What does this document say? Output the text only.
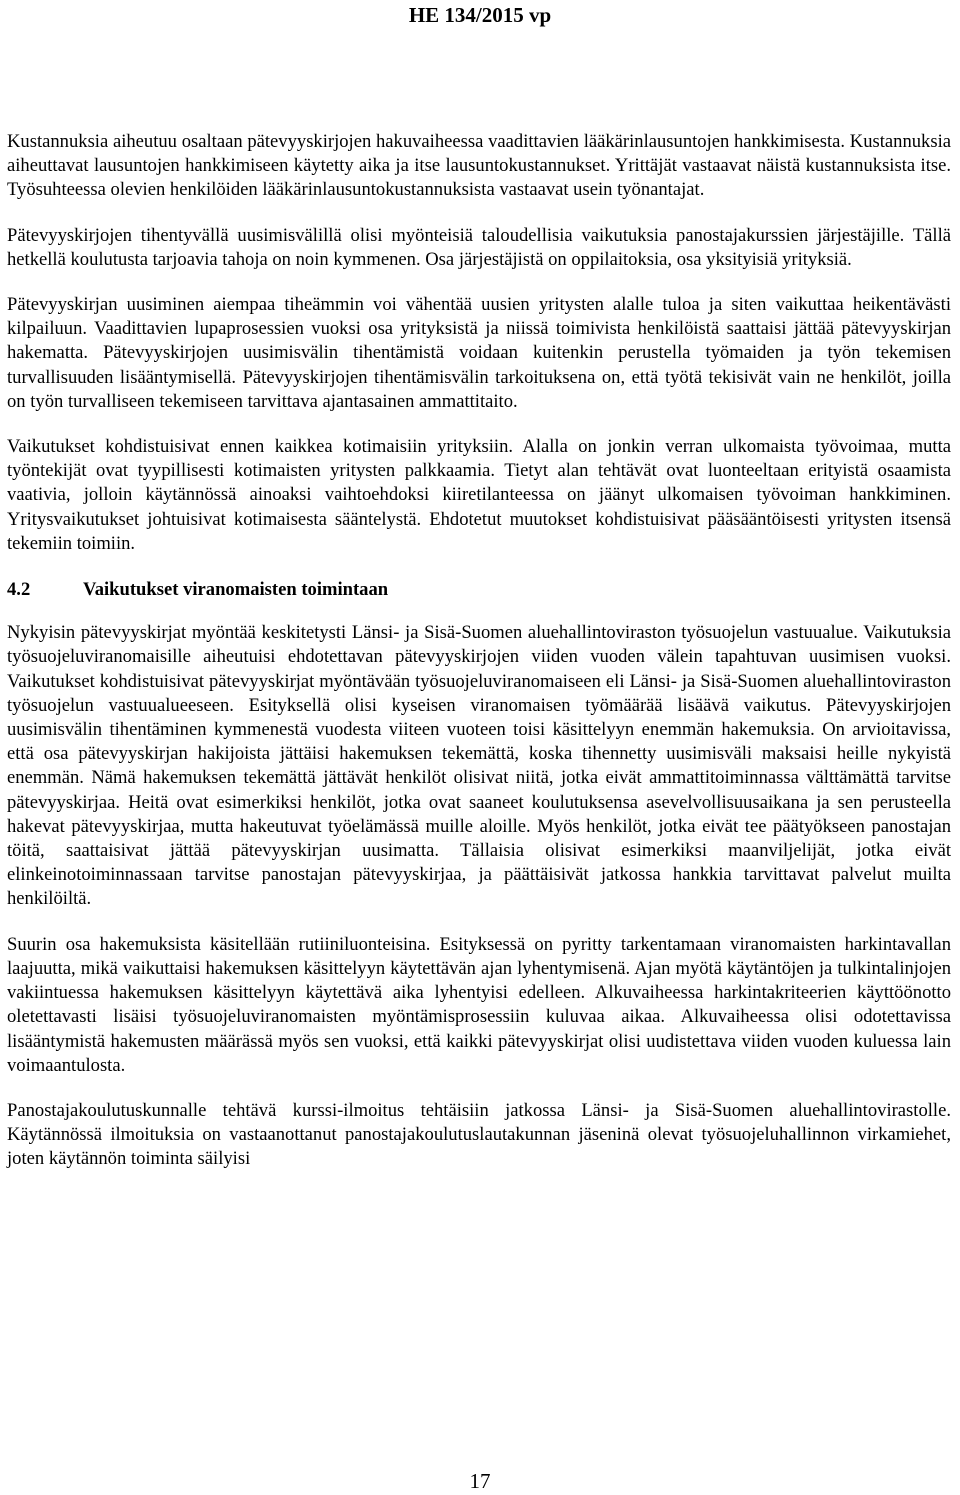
HE 134/2015 vp

Kustannuksia aiheutuu osaltaan pätevyyskirjojen hakuvaiheessa vaadittavien lääkärinlausuntojen hankkimisesta. Kustannuksia aiheuttavat lausuntojen hankkimiseen käytetty aika ja itse lausuntokustannukset. Yrittäjät vastaavat näistä kustannuksista itse. Työsuhteessa olevien henkilöiden lääkärinlausuntokustannuksista vastaavat usein työnantajat.

Pätevyyskirjojen tihentyvällä uusimisvälillä olisi myönteisiä taloudellisia vaikutuksia panostajakurssien järjestäjille. Tällä hetkellä koulutusta tarjoavia tahoja on noin kymmenen. Osa järjestäjistä on oppilaitoksia, osa yksityisiä yrityksiä.

Pätevyyskirjan uusiminen aiempaa tiheämmin voi vähentää uusien yritysten alalle tuloa ja siten vaikuttaa heikentävästi kilpailuun. Vaadittavien lupaprosessien vuoksi osa yrityksistä ja niissä toimivista henkilöistä saattaisi jättää pätevyyskirjan hakematta. Pätevyyskirjojen uusimisvälin tihentämistä voidaan kuitenkin perustella työmaiden ja työn tekemisen turvallisuuden lisääntymisellä. Pätevyyskirjojen tihentämisvälin tarkoituksena on, että työtä tekisivät vain ne henkilöt, joilla on työn turvalliseen tekemiseen tarvittava ajantasainen ammattitaito.

Vaikutukset kohdistuisivat ennen kaikkea kotimaisiin yrityksiin. Alalla on jonkin verran ulkomaista työvoimaa, mutta työntekijät ovat tyypillisesti kotimaisten yritysten palkkaamia. Tietyt alan tehtävät ovat luonteeltaan erityistä osaamista vaativia, jolloin käytännössä ainoaksi vaihtoehdoksi kiiretilanteessa on jäänyt ulkomaisen työvoiman hankkiminen. Yritysvaikutukset johtuisivat kotimaisesta sääntelystä. Ehdotetut muutokset kohdistuisivat pääsääntöisesti yritysten itsensä tekemiin toimiin.

4.2	Vaikutukset viranomaisten toimintaan

Nykyisin pätevyyskirjat myöntää keskitetysti Länsi- ja Sisä-Suomen aluehallintoviraston työsuojelun vastuualue. Vaikutuksia työsuojeluviranomaisille aiheutuisi ehdotettavan pätevyyskirjojen viiden vuoden välein tapahtuvan uusimisen vuoksi. Vaikutukset kohdistuisivat pätevyyskirjat myöntävään työsuojeluviranomaiseen eli Länsi- ja Sisä-Suomen aluehallintoviraston työsuojelun vastuualueeseen. Esityksellä olisi kyseisen viranomaisen työmäärää lisäävä vaikutus. Pätevyyskirjojen uusimisvälin tihentäminen kymmenestä vuodesta viiteen vuoteen toisi käsittelyyn enemmän hakemuksia. On arvioitavissa, että osa pätevyyskirjan hakijoista jättäisi hakemuksen tekemättä, koska tihennetty uusimisväli maksaisi heille nykyistä enemmän. Nämä hakemuksen tekemättä jättävät henkilöt olisivat niitä, jotka eivät ammattitoiminnassa välttämättä tarvitse pätevyyskirjaa. Heitä ovat esimerkiksi henkilöt, jotka ovat saaneet koulutuksensa asevelvollisuusaikana ja sen perusteella hakevat pätevyyskirjaa, mutta hakeutuvat työelämässä muille aloille. Myös henkilöt, jotka eivät tee päätyökseen panostajan töitä, saattaisivat jättää pätevyyskirjan uusimatta. Tällaisia olisivat esimerkiksi maanviljelijät, jotka eivät elinkeinotoiminnassaan tarvitse panostajan pätevyyskirjaa, ja päättäisivät jatkossa hankkia tarvittavat palvelut muilta henkilöiltä.

Suurin osa hakemuksista käsitellään rutiiniluonteisina. Esityksessä on pyritty tarkentamaan viranomaisten harkintavallan laajuutta, mikä vaikuttaisi hakemuksen käsittelyyn käytettävän ajan lyhentymisenä. Ajan myötä käytäntöjen ja tulkintalinjojen vakiintuessa hakemuksen käsittelyyn käytettävä aika lyhentyisi edelleen. Alkuvaiheessa harkintakriteerien käyttöönotto oletettavasti lisäisi työsuojeluviranomaisten myöntämisprosessiin kuluvaa aikaa. Alkuvaiheessa olisi odotettavissa lisääntymistä hakemusten määrässä myös sen vuoksi, että kaikki pätevyyskirjat olisi uudistettava viiden vuoden kuluessa lain voimaantulosta.

Panostajakoulutuskunnalle tehtävä kurssi-ilmoitus tehtäisiin jatkossa Länsi- ja Sisä-Suomen aluehallintovirastolle. Käytännössä ilmoituksia on vastaanottanut panostajakoulutuslautakunnan jäseninä olevat työsuojeluhallinnon virkamiehet, joten käytännön toiminta säilyisi

17
